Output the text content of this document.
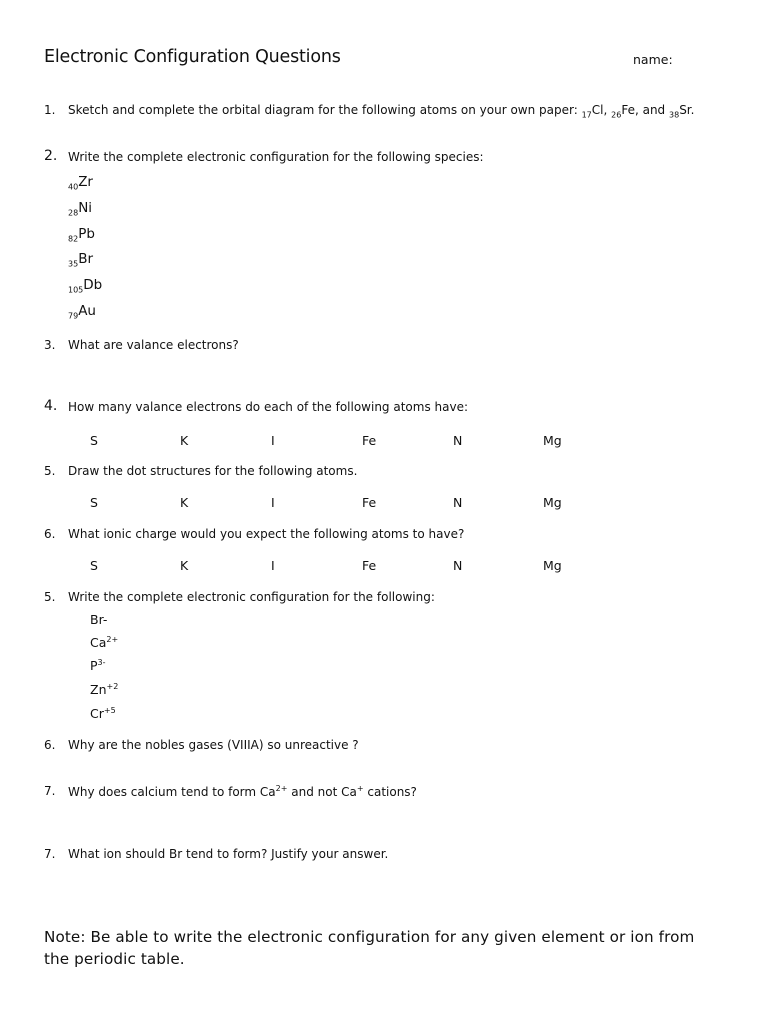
Electronic Configuration Questions	name:
1. Sketch and complete the orbital diagram for the following atoms on your own paper: $_{17}$Cl, $_{26}$Fe, and $_{38}$Sr.
2. Write the complete electronic configuration for the following species:
$_{40}$Zr
$_{28}$Ni
$_{82}$Pb
$_{35}$Br
$_{105}$Db
$_{79}$Au
3. What are valance electrons?
4. How many valance electrons do each of the following atoms have:
S	K	I	Fe	N	Mg
5. Draw the dot structures for the following atoms.
S	K	I	Fe	N	Mg
6. What ionic charge would you expect the following atoms to have?
S	K	I	Fe	N	Mg
5. Write the complete electronic configuration for the following:
Br-
$Ca^{2+}$
$P^{3-}$
$Zn^{+2}$
$Cr^{+5}$
6. Why are the nobles gases (VIIIA) so unreactive ?
7. Why does calcium tend to form $Ca^{2+}$ and not Ca+ cations?
7. What ion should Br tend to form? Justify your answer.
Note: Be able to write the electronic configuration for any given element or ion from the periodic table.
